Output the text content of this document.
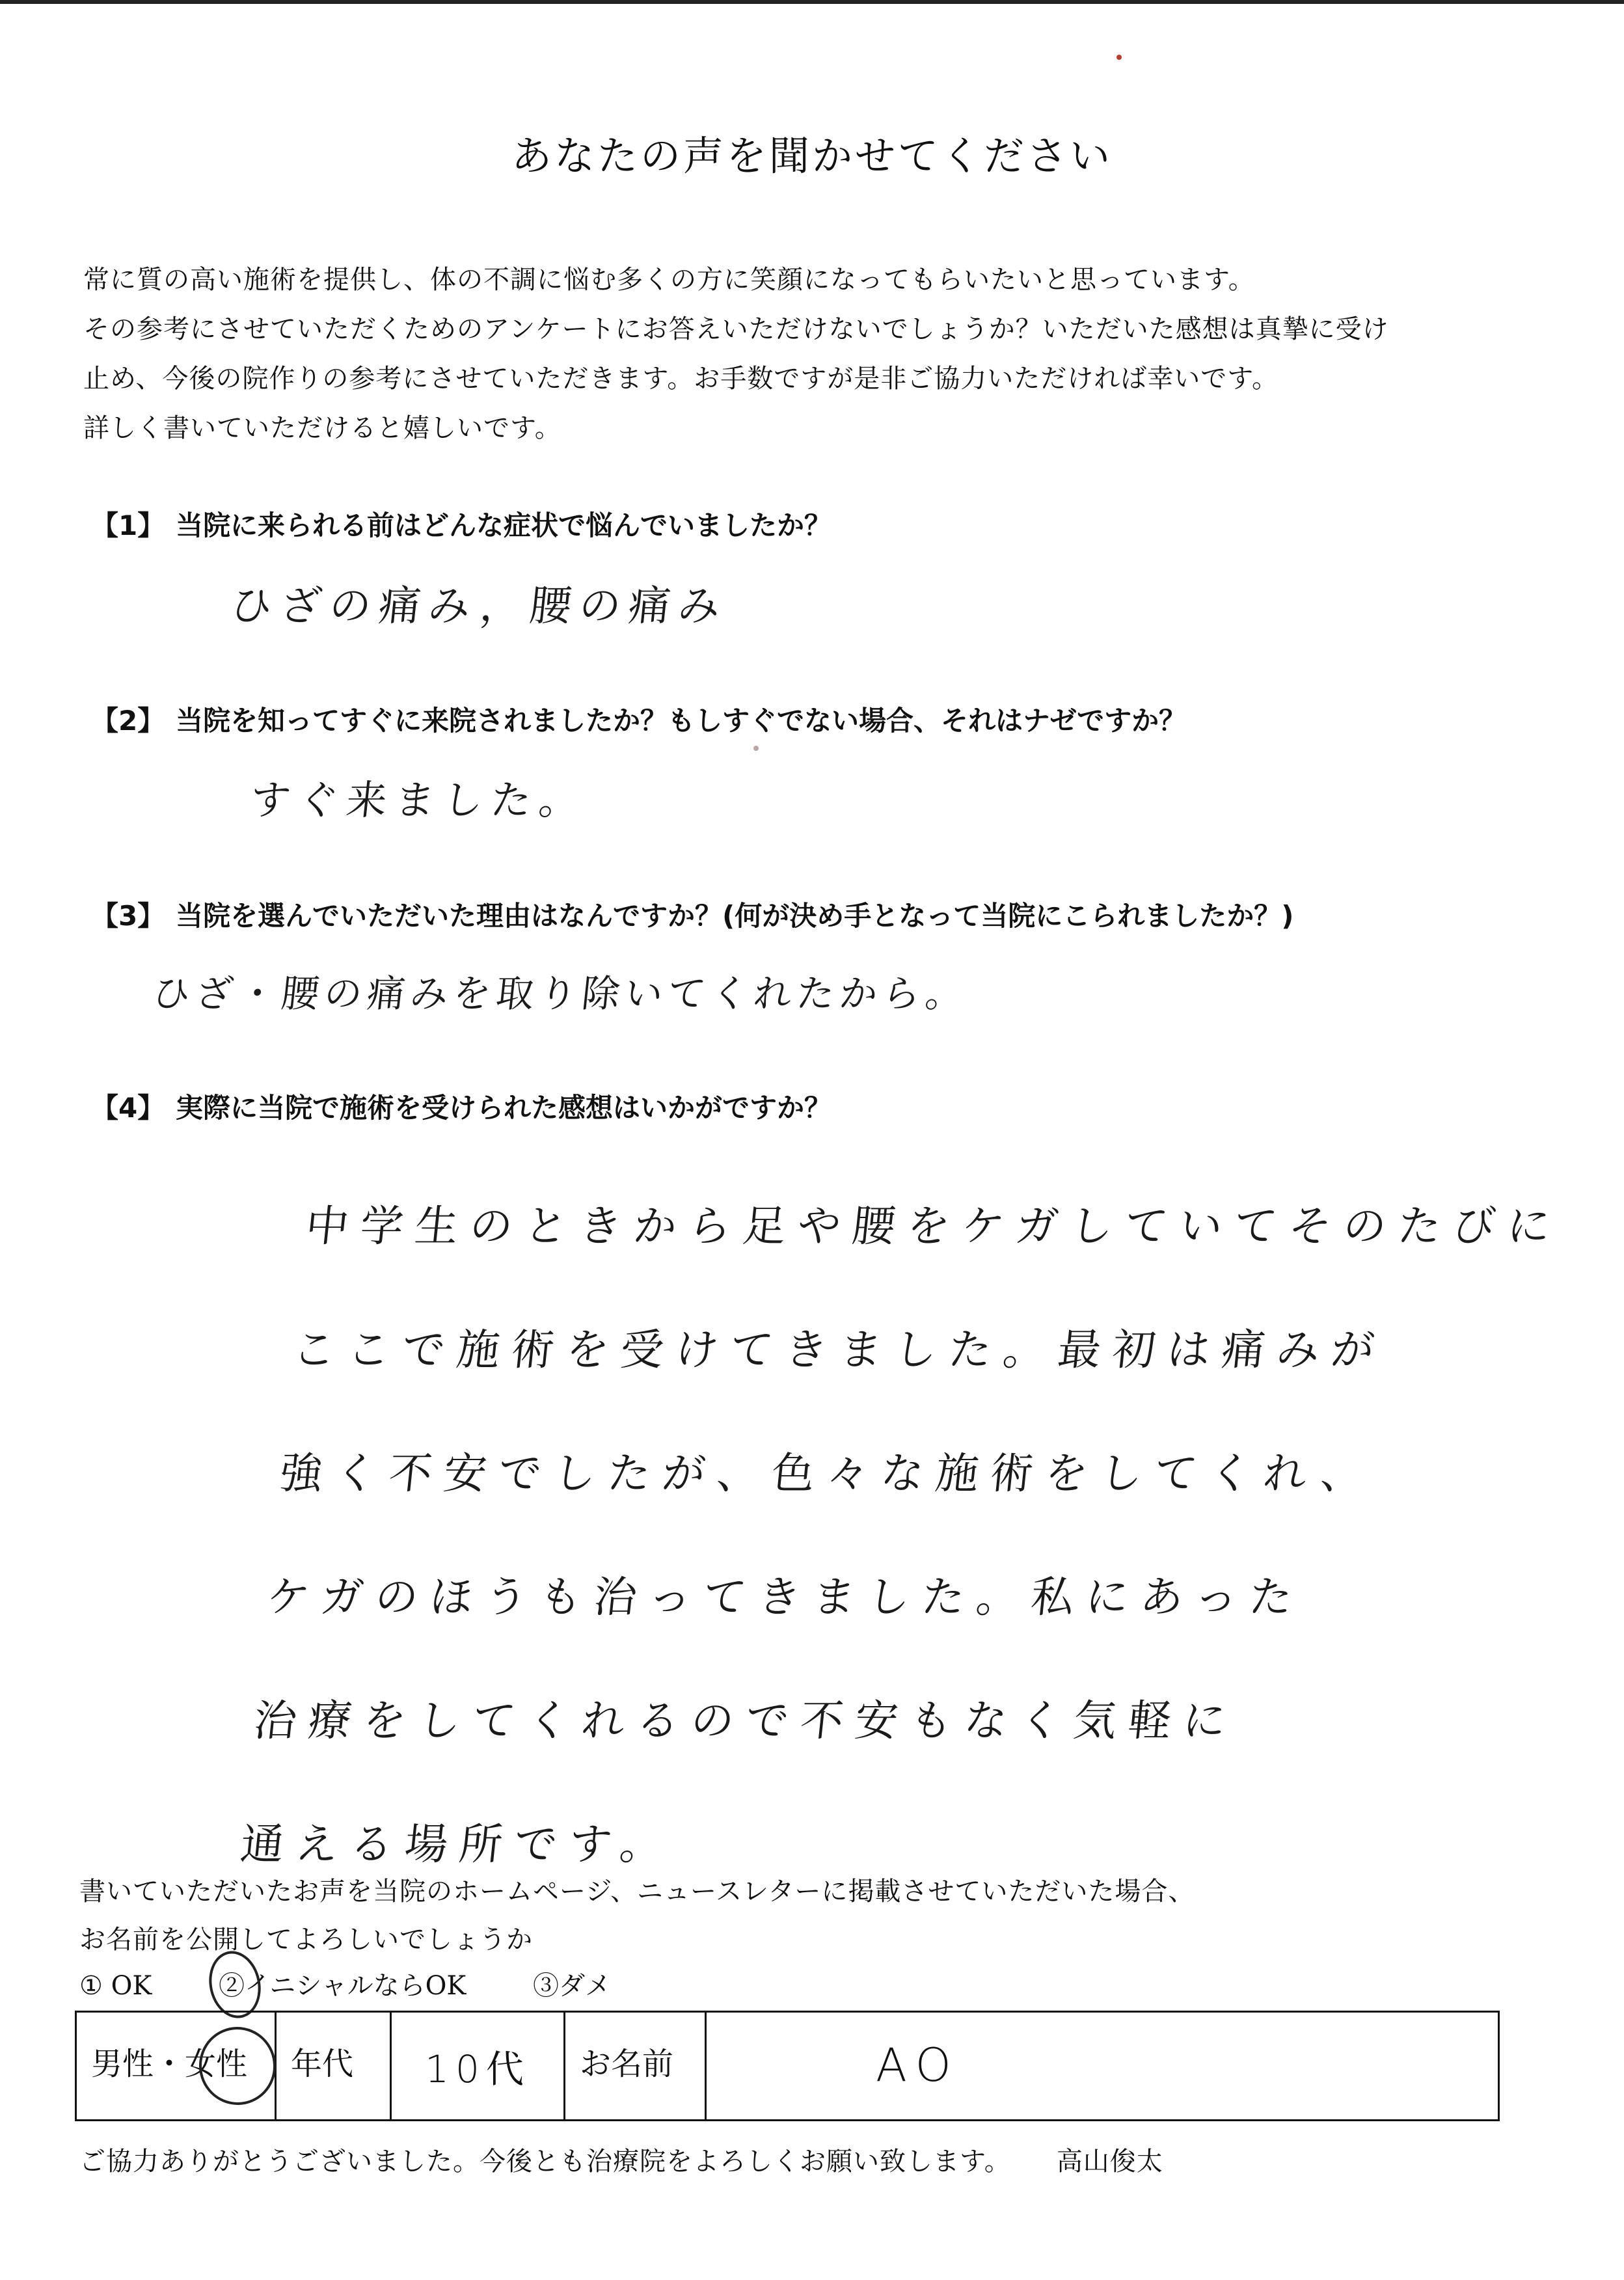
あなたの声を聞かせてください

常に質の高い施術を提供し、体の不調に悩む多くの方に笑顔になってもらいたいと思っています。

その参考にさせていただくためのアンケートにお答えいただけないでしょうか？いただいた感想は真摯に受け

止め、今後の院作りの参考にさせていただきます。お手数ですが是非ご協力いただければ幸いです。

詳しく書いていただけると嬉しいです。

【1】 当院に来られる前はどんな症状で悩んでいましたか？
ひざの痛み，腰の痛み
【2】 当院を知ってすぐに来院されましたか？もしすぐでない場合、それはナゼですか？
すぐ来ました。
【3】 当院を選んでいただいた理由はなんですか？(何が決め手となって当院にこられましたか？)
ひざ・腰の痛みを取り除いてくれたから。
【4】 実際に当院で施術を受けられた感想はいかがですか？
中学生のときから足や腰をケガしていてそのたびに
ここで施術を受けてきました。最初は痛みが
強く不安でしたが、色々な施術をしてくれ、
ケガのほうも治ってきました。私にあった
治療をしてくれるので不安もなく気軽に
通える場所です。

書いていただいたお声を当院のホームページ、ニュースレターに掲載させていただいた場合、

お名前を公開してよろしいでしょうか

① OK	②イニシャルならOK	③ダメ
男性・女性	年代	10代	お名前	AO
ご協力ありがとうございました。今後とも治療院をよろしくお願い致します。 高山俊太
